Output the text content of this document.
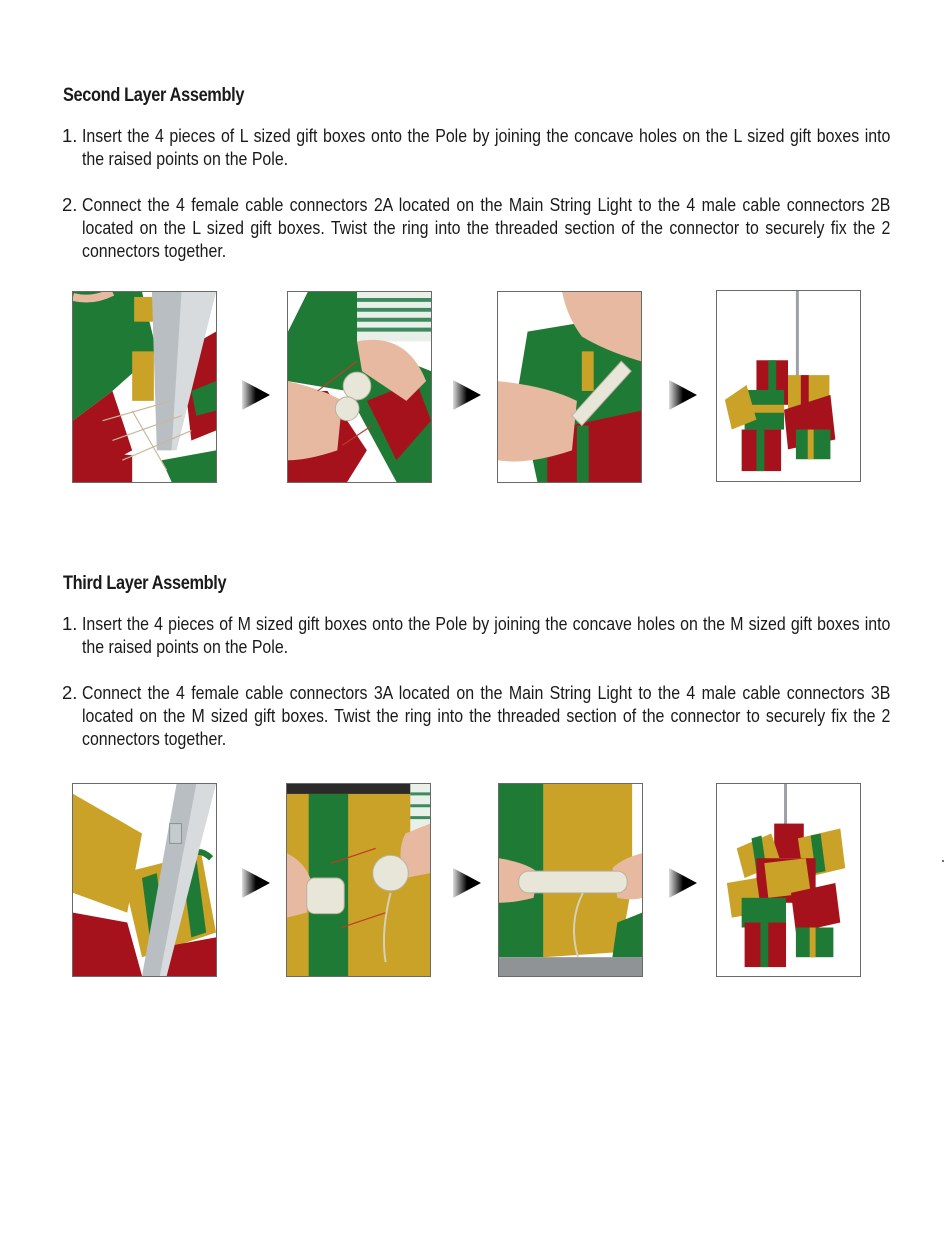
Second Layer Assembly
1. Insert the 4 pieces of L sized gift boxes onto the Pole by joining the concave holes on the L sized gift boxes into the raised points on the Pole.
2. Connect the 4 female cable connectors 2A located on the Main String Light to the 4 male cable connectors 2B located on the L sized gift boxes. Twist the ring into the threaded section of the connector to securely fix the 2 connectors together.
Third Layer Assembly
1. Insert the 4 pieces of M sized gift boxes onto the Pole by joining the concave holes on the M sized gift boxes into the raised points on the Pole.
2. Connect the 4 female cable connectors 3A located on the Main String Light to the 4 male cable connectors 3B located on the M sized gift boxes. Twist the ring into the threaded section of the connector to securely fix the 2 connectors together.
